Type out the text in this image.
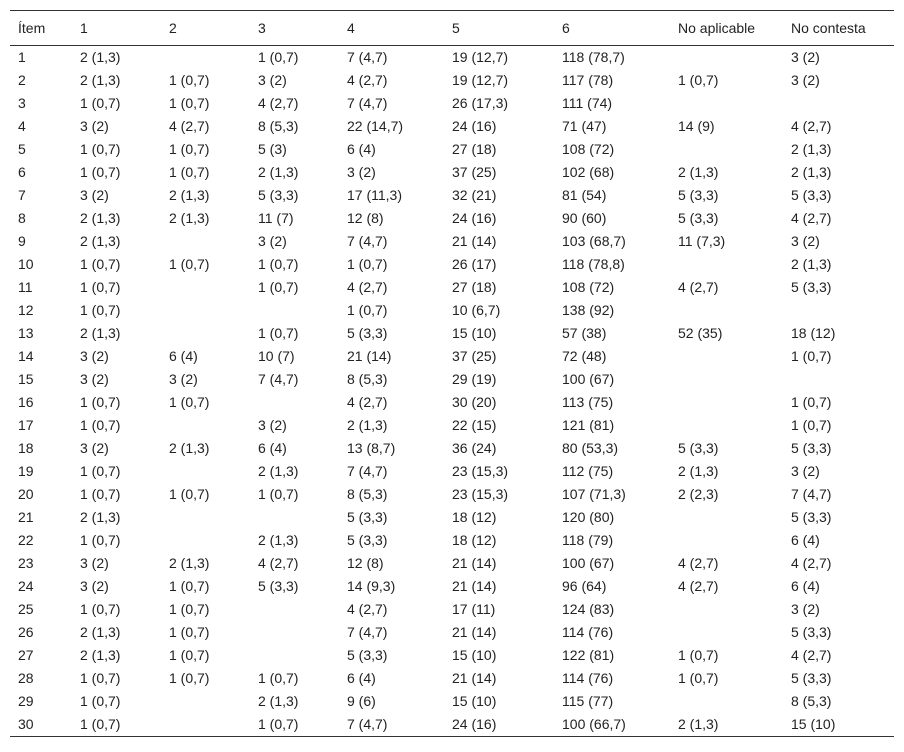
Ítem	1	2	3	4	5	6	No aplicable	No contesta
1	2 (1,3)		1 (0,7)	7 (4,7)	19 (12,7)	118 (78,7)		3 (2)
2	2 (1,3)	1 (0,7)	3 (2)	4 (2,7)	19 (12,7)	117 (78)	1 (0,7)	3 (2)
3	1 (0,7)	1 (0,7)	4 (2,7)	7 (4,7)	26 (17,3)	111 (74)		
4	3 (2)	4 (2,7)	8 (5,3)	22 (14,7)	24 (16)	71 (47)	14 (9)	4 (2,7)
5	1 (0,7)	1 (0,7)	5 (3)	6 (4)	27 (18)	108 (72)		2 (1,3)
6	1 (0,7)	1 (0,7)	2 (1,3)	3 (2)	37 (25)	102 (68)	2 (1,3)	2 (1,3)
7	3 (2)	2 (1,3)	5 (3,3)	17 (11,3)	32 (21)	81 (54)	5 (3,3)	5 (3,3)
8	2 (1,3)	2 (1,3)	11 (7)	12 (8)	24 (16)	90 (60)	5 (3,3)	4 (2,7)
9	2 (1,3)		3 (2)	7 (4,7)	21 (14)	103 (68,7)	11 (7,3)	3 (2)
10	1 (0,7)	1 (0,7)	1 (0,7)	1 (0,7)	26 (17)	118 (78,8)		2 (1,3)
11	1 (0,7)		1 (0,7)	4 (2,7)	27 (18)	108 (72)	4 (2,7)	5 (3,3)
12	1 (0,7)			1 (0,7)	10 (6,7)	138 (92)		
13	2 (1,3)		1 (0,7)	5 (3,3)	15 (10)	57 (38)	52 (35)	18 (12)
14	3 (2)	6 (4)	10 (7)	21 (14)	37 (25)	72 (48)		1 (0,7)
15	3 (2)	3 (2)	7 (4,7)	8 (5,3)	29 (19)	100 (67)		
16	1 (0,7)	1 (0,7)		4 (2,7)	30 (20)	113 (75)		1 (0,7)
17	1 (0,7)		3 (2)	2 (1,3)	22 (15)	121 (81)		1 (0,7)
18	3 (2)	2 (1,3)	6 (4)	13 (8,7)	36 (24)	80 (53,3)	5 (3,3)	5 (3,3)
19	1 (0,7)		2 (1,3)	7 (4,7)	23 (15,3)	112 (75)	2 (1,3)	3 (2)
20	1 (0,7)	1 (0,7)	1 (0,7)	8 (5,3)	23 (15,3)	107 (71,3)	2 (2,3)	7 (4,7)
21	2 (1,3)			5 (3,3)	18 (12)	120 (80)		5 (3,3)
22	1 (0,7)		2 (1,3)	5 (3,3)	18 (12)	118 (79)		6 (4)
23	3 (2)	2 (1,3)	4 (2,7)	12 (8)	21 (14)	100 (67)	4 (2,7)	4 (2,7)
24	3 (2)	1 (0,7)	5 (3,3)	14 (9,3)	21 (14)	96 (64)	4 (2,7)	6 (4)
25	1 (0,7)	1 (0,7)		4 (2,7)	17 (11)	124 (83)		3 (2)
26	2 (1,3)	1 (0,7)		7 (4,7)	21 (14)	114 (76)		5 (3,3)
27	2 (1,3)	1 (0,7)		5 (3,3)	15 (10)	122 (81)	1 (0,7)	4 (2,7)
28	1 (0,7)	1 (0,7)	1 (0,7)	6 (4)	21 (14)	114 (76)	1 (0,7)	5 (3,3)
29	1 (0,7)		2 (1,3)	9 (6)	15 (10)	115 (77)		8 (5,3)
30	1 (0,7)		1 (0,7)	7 (4,7)	24 (16)	100 (66,7)	2 (1,3)	15 (10)
